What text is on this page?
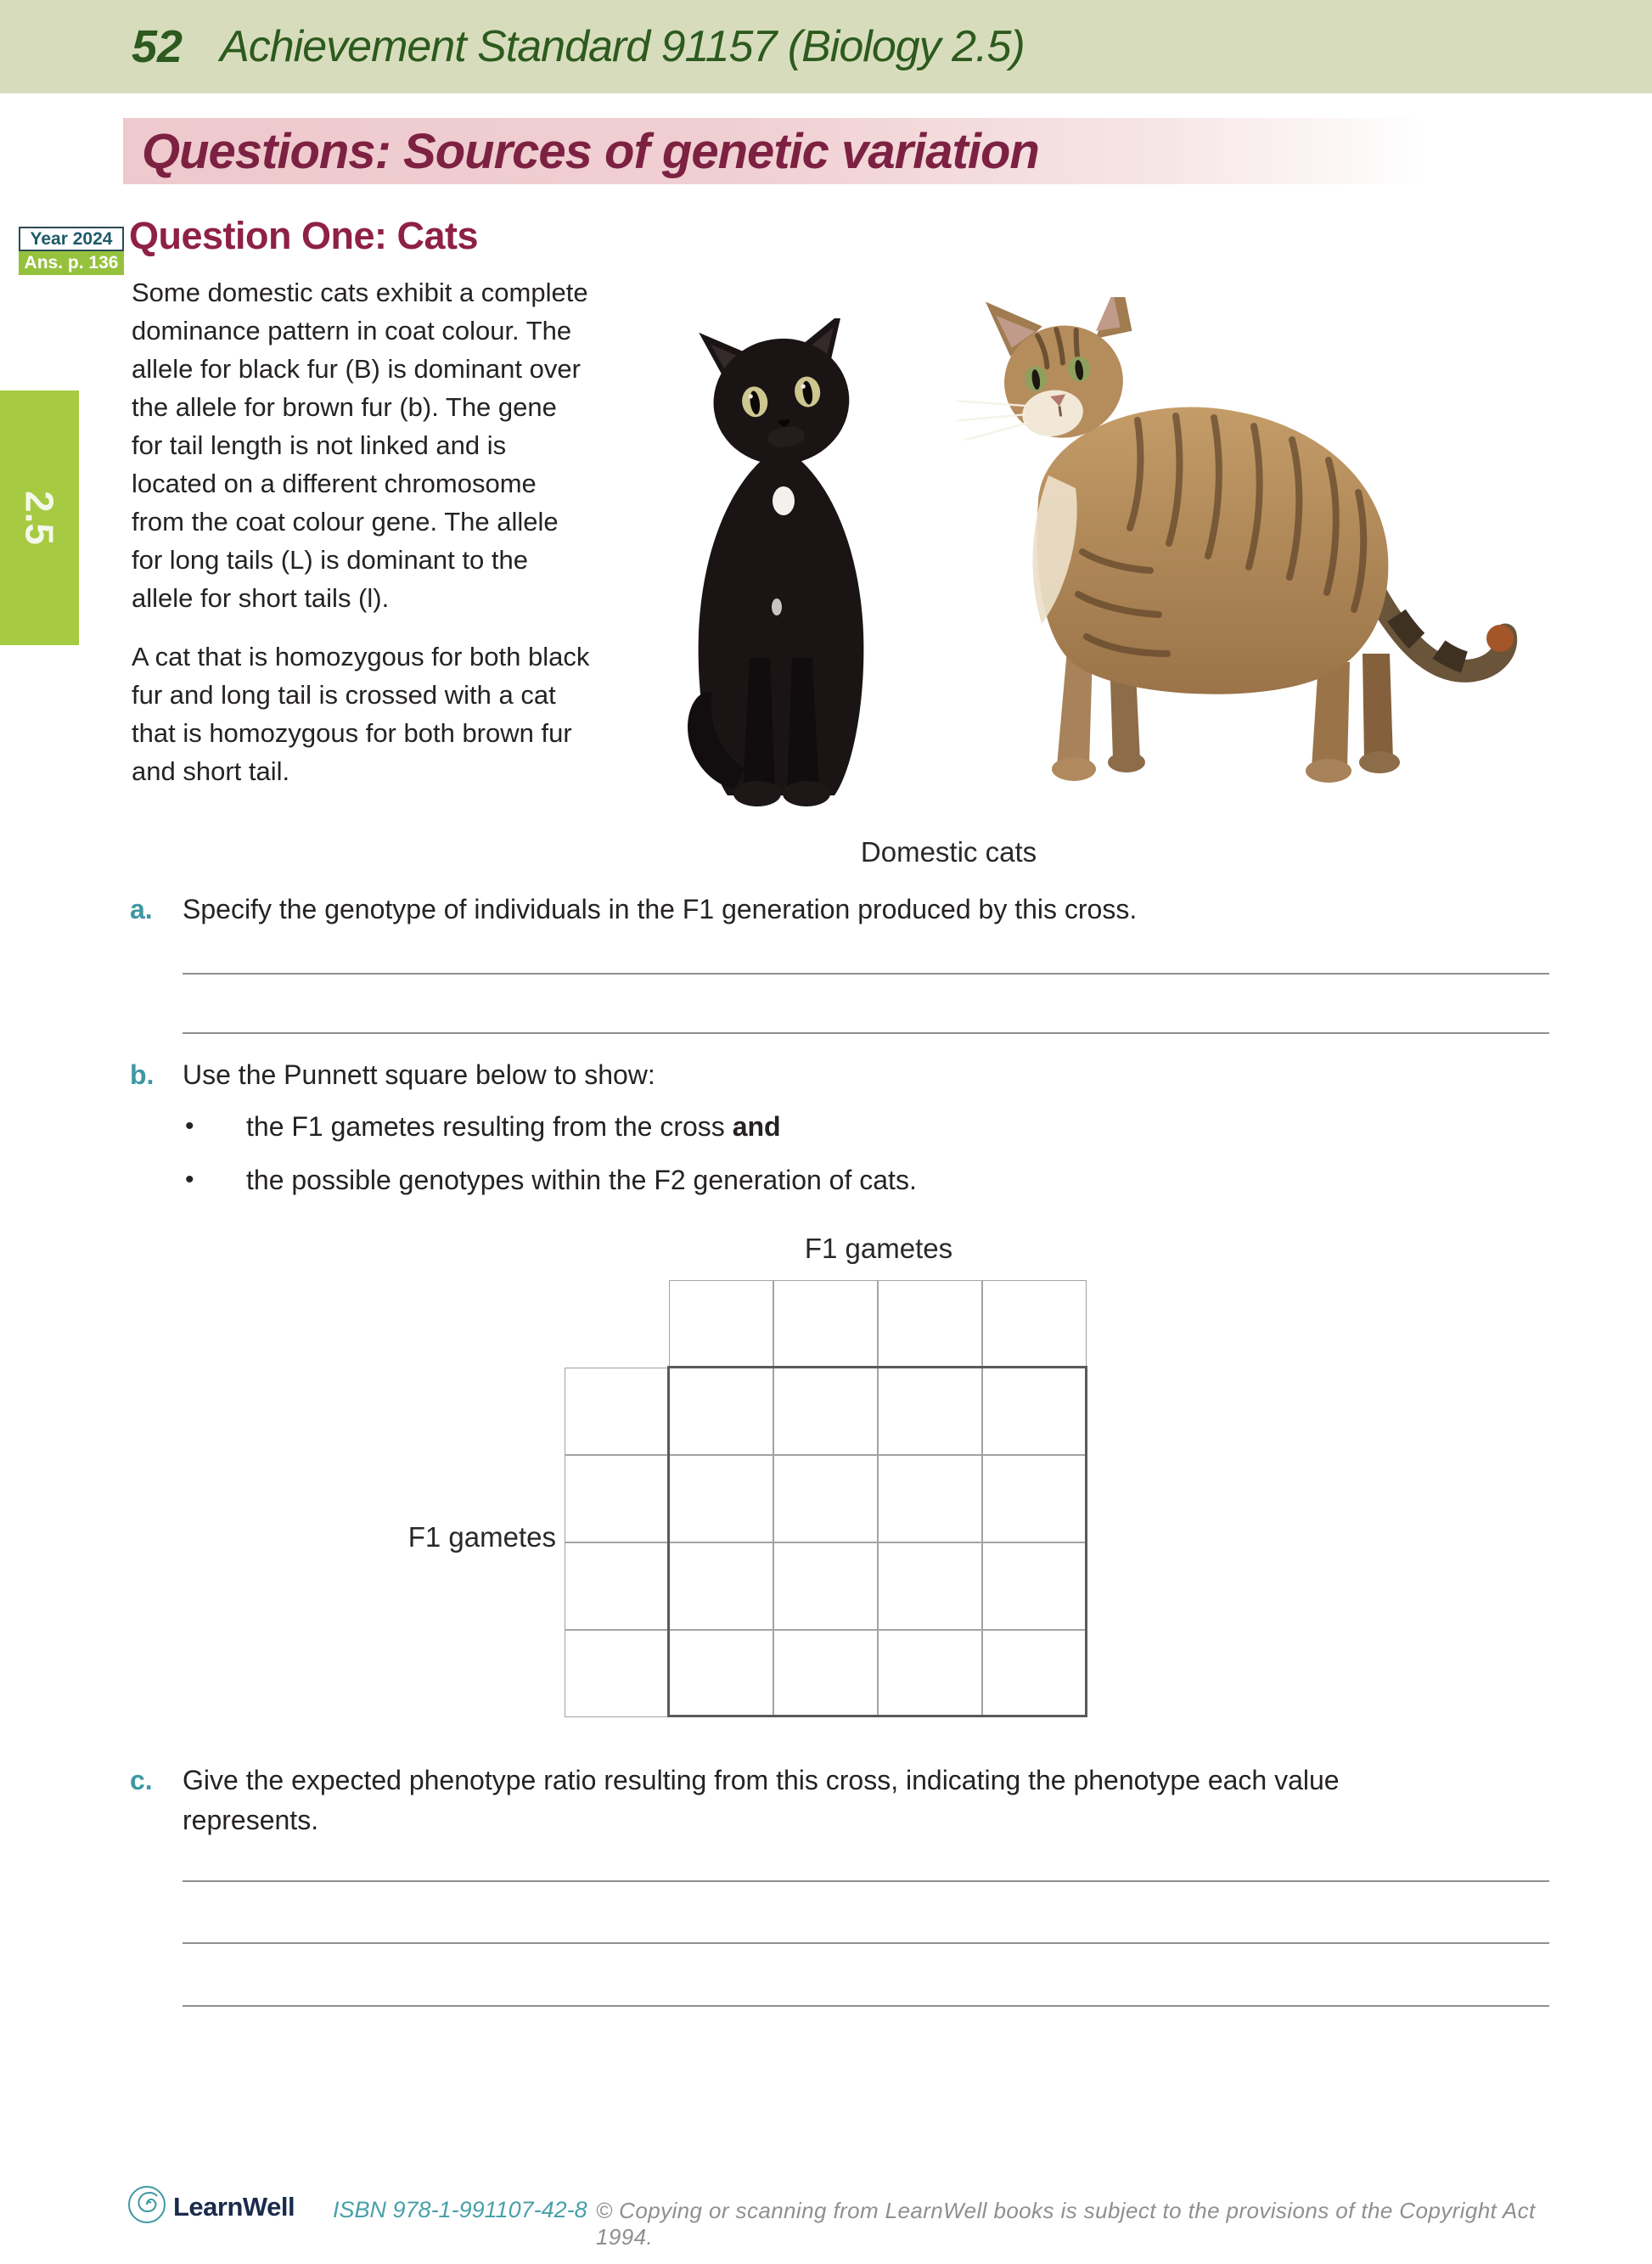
52 Achievement Standard 91157 (Biology 2.5)
Questions: Sources of genetic variation
2.5
Year 2024
Ans. p. 136
Question One: Cats

Some domestic cats exhibit a complete dominance pattern in coat colour. The allele for black fur (B) is dominant over the allele for brown fur (b). The gene for tail length is not linked and is located on a different chromosome from the coat colour gene. The allele for long tails (L) is dominant to the allele for short tails (l).

A cat that is homozygous for both black fur and long tail is crossed with a cat that is homozygous for both brown fur and short tail.

Domestic cats
a.	Specify the genotype of individuals in the F1 generation produced by this cross.
b.	Use the Punnett square below to show:
•	the F1 gametes resulting from the cross and
•	the possible genotypes within the F2 generation of cats.
F1 gametes
F1 gametes
c.	Give the expected phenotype ratio resulting from this cross, indicating the phenotype each value represents.
LearnWell ISBN 978-1-991107-42-8 © Copying or scanning from LearnWell books is subject to the provisions of the Copyright Act 1994.
